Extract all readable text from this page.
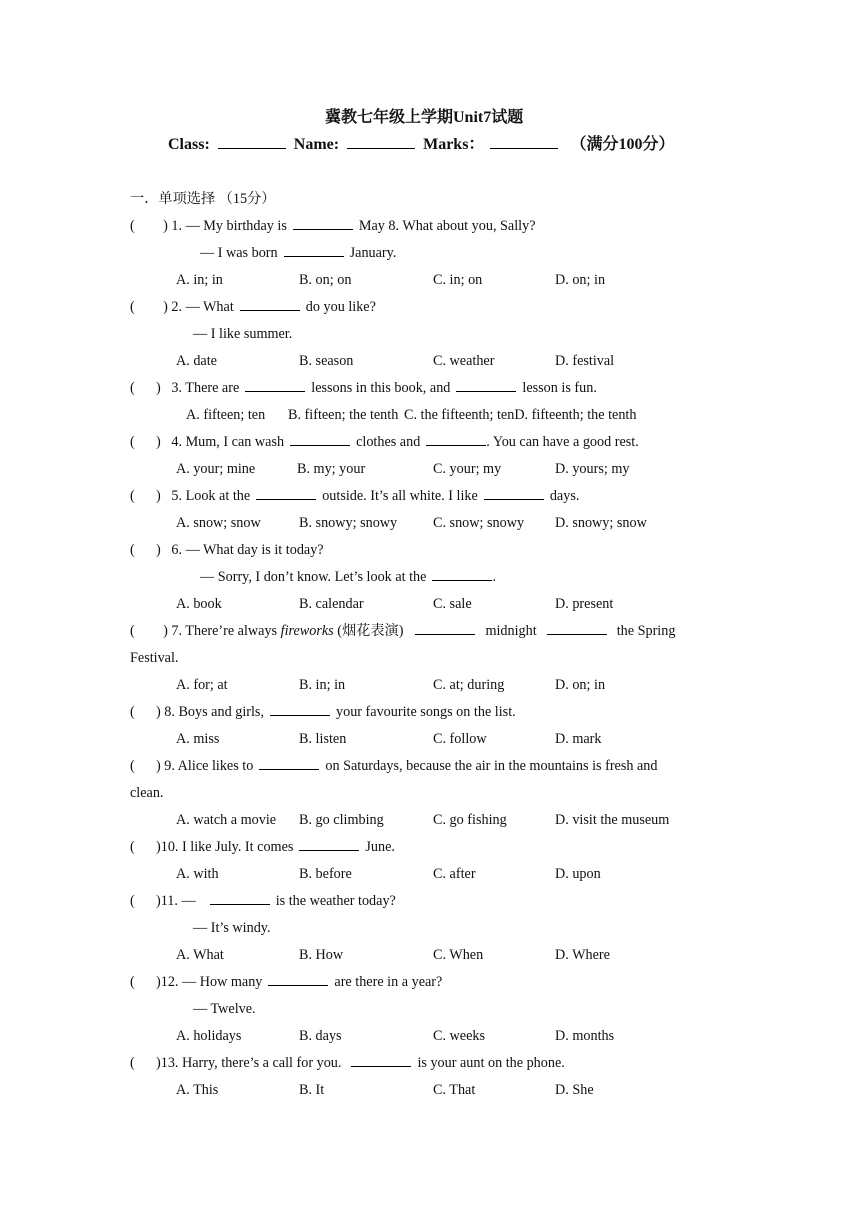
冀教七年级上学期Unit7试题
Class:	Name:	Marks：	（满分100分）
一．单项选择 （15分）
(        ) 1. — My birthday is	May 8. What about you, Sally?
— I was born	January.
A. in; in	B. on; on	C. in; on	D. on; in
(        ) 2. — What	do you like?
— I like summer.
A. date	B. season	C. weather	D. festival
(      ) 3. There are	lessons in this book, and	lesson is fun.
A. fifteen; ten B. fifteen; the tenth C. the fifteenth; tenD. fifteenth; the tenth
(      ) 4. Mum, I can wash	clothes and	. You can have a good rest.
A. your; mine	B. my; your	C. your; my	D. yours; my
(      ) 5. Look at the	outside. It’s all white. I like	days.
A. snow; snow	B. snowy; snowy	C. snow; snowy D. snowy; snow
(      ) 6. — What day is it today?
— Sorry, I don’t know. Let’s look at the	.
A. book	B. calendar	C. sale	D. present
(        ) 7. There’re always fireworks (烟花表演)	midnight	the Spring
Festival.
A. for; at	B. in; in	C. at; during	D. on; in
(      ) 8. Boys and girls,	your favourite songs on the list.
A. miss	B. listen	C. follow	D. mark
(      ) 9. Alice likes to	on Saturdays, because the air in the mountains is fresh and
clean.
A. watch a movie B. go climbing	C. go fishing	D. visit the museum
(      )10. I like July. It comes	June.
A. with	B. before	C. after	D. upon
(      )11. —	is the weather today?
— It’s windy.
A. What	B. How	C. When	D. Where
(      )12. — How many	are there in a year?
— Twelve.
A. holidays	B. days	C. weeks	D. months
(      )13. Harry, there’s a call for you.	is your aunt on the phone.
A. This	B. It	C. That	D. She
